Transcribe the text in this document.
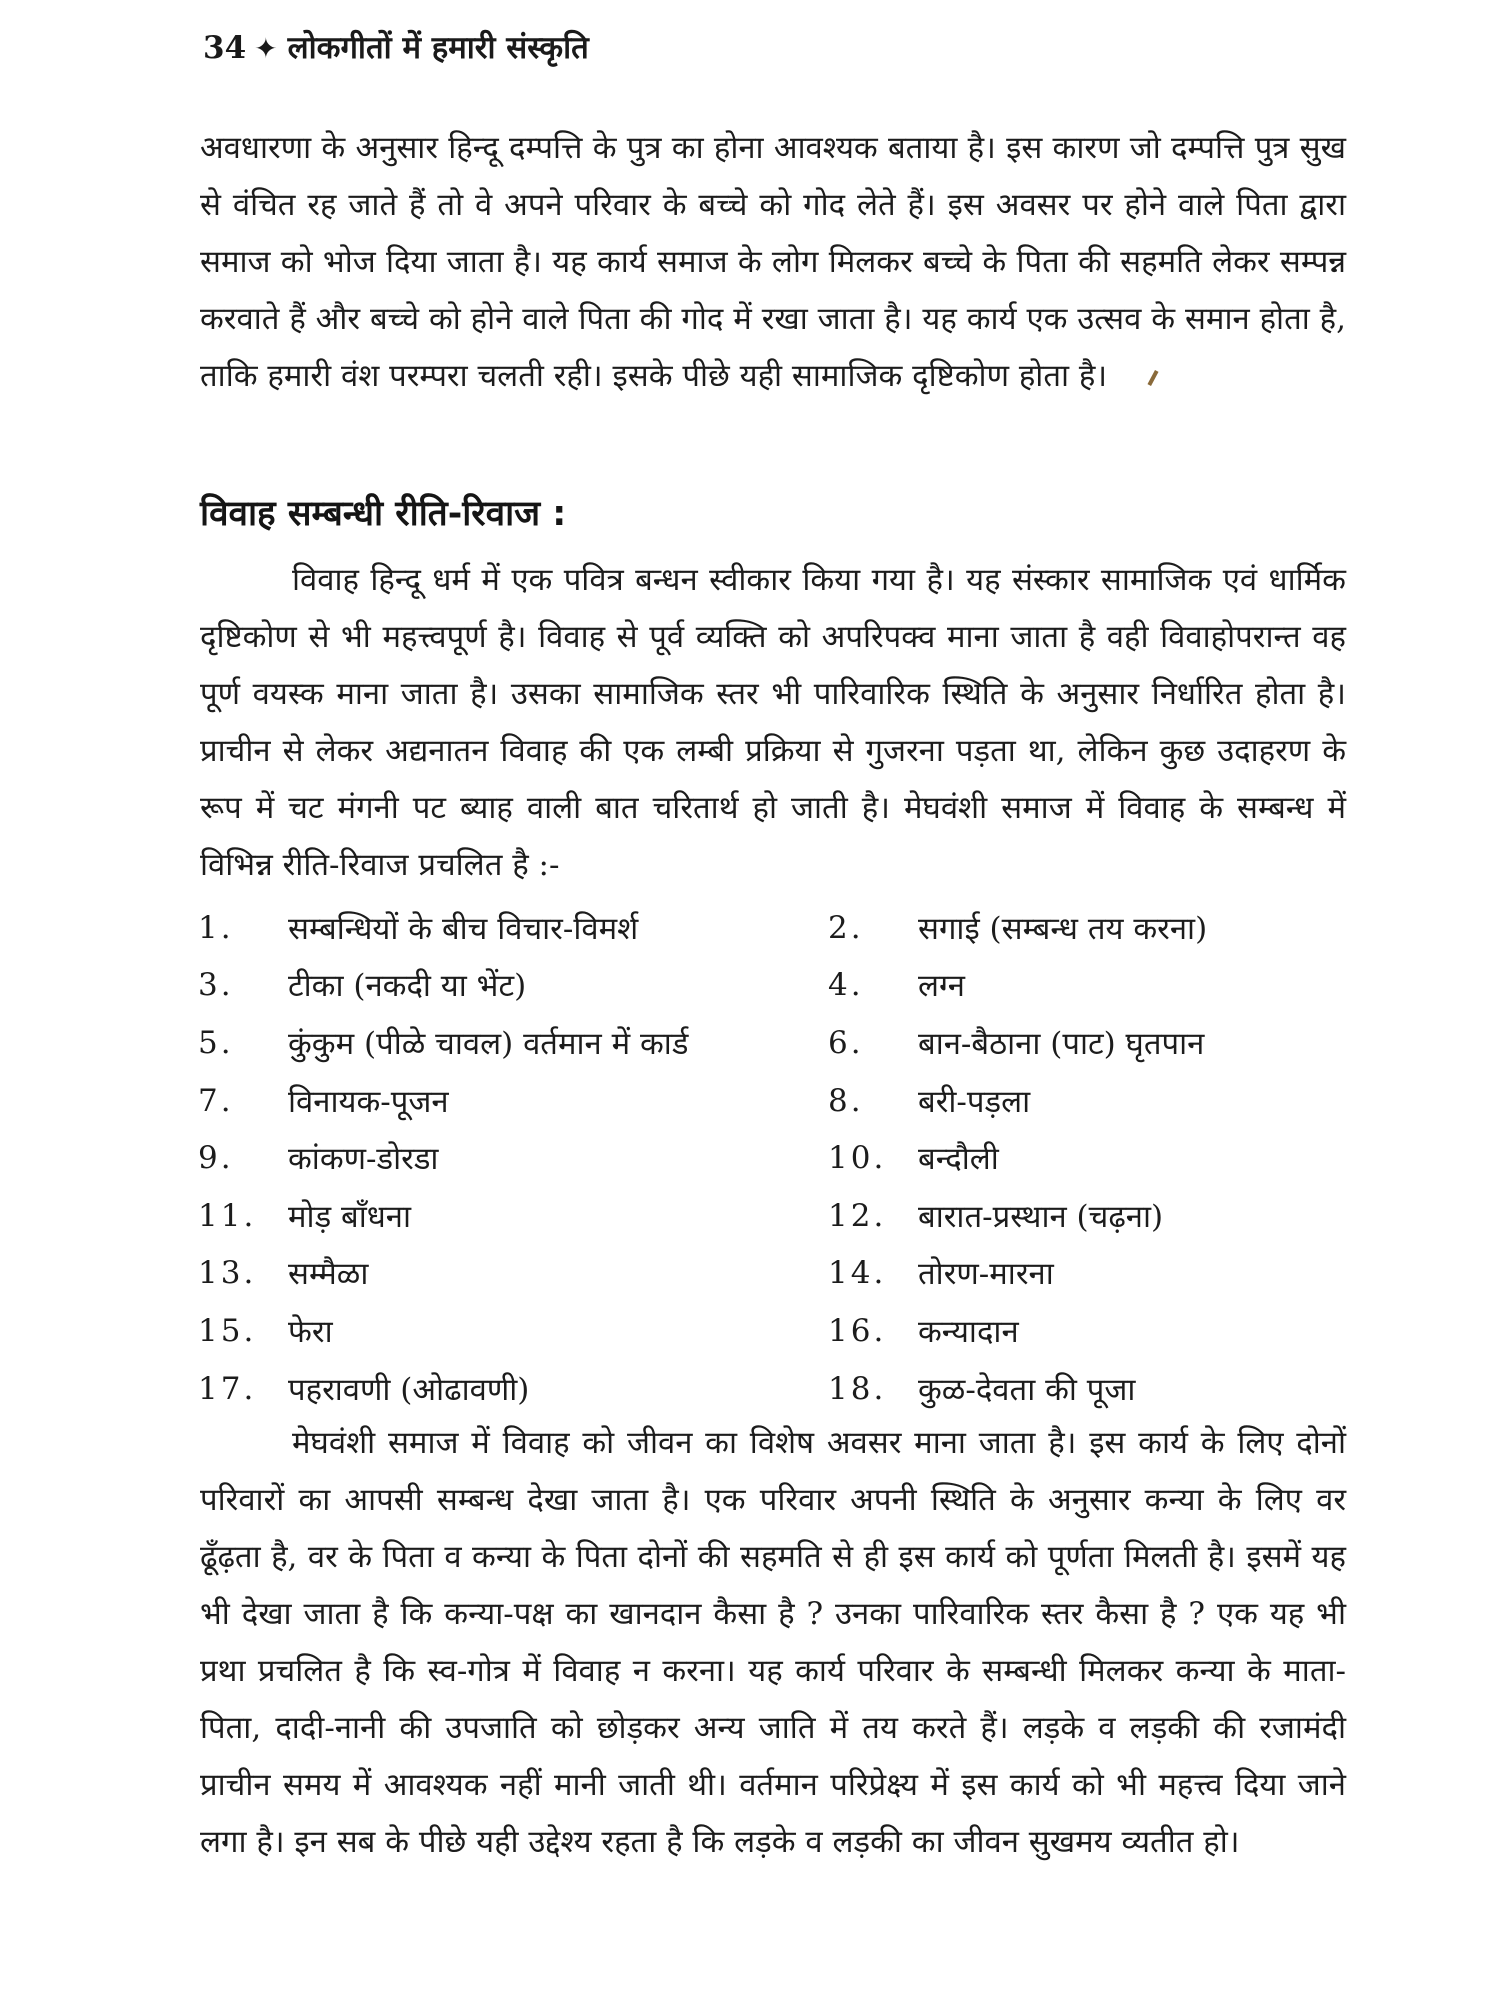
34 ✦ लोकगीतों में हमारी संस्कृति

अवधारणा के अनुसार हिन्दू दम्पत्ति के पुत्र का होना आवश्यक बताया है। इस कारण जो दम्पत्ति पुत्र सुख से वंचित रह जाते हैं तो वे अपने परिवार के बच्चे को गोद लेते हैं। इस अवसर पर होने वाले पिता द्वारा समाज को भोज दिया जाता है। यह कार्य समाज के लोग मिलकर बच्चे के पिता की सहमति लेकर सम्पन्न करवाते हैं और बच्चे को होने वाले पिता की गोद में रखा जाता है। यह कार्य एक उत्सव के समान होता है, ताकि हमारी वंश परम्परा चलती रही। इसके पीछे यही सामाजिक दृष्टिकोण होता है।

विवाह सम्बन्धी रीति-रिवाज :

विवाह हिन्दू धर्म में एक पवित्र बन्धन स्वीकार किया गया है। यह संस्कार सामाजिक एवं धार्मिक दृष्टिकोण से भी महत्त्वपूर्ण है। विवाह से पूर्व व्यक्ति को अपरिपक्व माना जाता है वही विवाहोपरान्त वह पूर्ण वयस्क माना जाता है। उसका सामाजिक स्तर भी पारिवारिक स्थिति के अनुसार निर्धारित होता है। प्राचीन से लेकर अद्यनातन विवाह की एक लम्बी प्रक्रिया से गुजरना पड़ता था, लेकिन कुछ उदाहरण के रूप में चट मंगनी पट ब्याह वाली बात चरितार्थ हो जाती है। मेघवंशी समाज में विवाह के सम्बन्ध में विभिन्न रीति-रिवाज प्रचलित है :-

1.	सम्बन्धियों के बीच विचार-विमर्श	2.	सगाई (सम्बन्ध तय करना)
3.	टीका (नकदी या भेंट)	4.	लग्न
5.	कुंकुम (पीळे चावल) वर्तमान में कार्ड	6.	बान-बैठाना (पाट) घृतपान
7.	विनायक-पूजन	8.	बरी-पड़ला
9.	कांकण-डोरडा	10.	बन्दौली
11.	मोड़ बाँधना	12.	बारात-प्रस्थान (चढ़ना)
13.	सम्मैळा	14.	तोरण-मारना
15.	फेरा	16.	कन्यादान
17.	पहरावणी (ओढावणी)	18.	कुळ-देवता की पूजा

मेघवंशी समाज में विवाह को जीवन का विशेष अवसर माना जाता है। इस कार्य के लिए दोनों परिवारों का आपसी सम्बन्ध देखा जाता है। एक परिवार अपनी स्थिति के अनुसार कन्या के लिए वर ढूँढ़ता है, वर के पिता व कन्या के पिता दोनों की सहमति से ही इस कार्य को पूर्णता मिलती है। इसमें यह भी देखा जाता है कि कन्या-पक्ष का खानदान कैसा है ? उनका पारिवारिक स्तर कैसा है ? एक यह भी प्रथा प्रचलित है कि स्व-गोत्र में विवाह न करना। यह कार्य परिवार के सम्बन्धी मिलकर कन्या के माता-पिता, दादी-नानी की उपजाति को छोड़कर अन्य जाति में तय करते हैं। लड़के व लड़की की रजामंदी प्राचीन समय में आवश्यक नहीं मानी जाती थी। वर्तमान परिप्रेक्ष्य में इस कार्य को भी महत्त्व दिया जाने लगा है। इन सब के पीछे यही उद्देश्य रहता है कि लड़के व लड़की का जीवन सुखमय व्यतीत हो।
